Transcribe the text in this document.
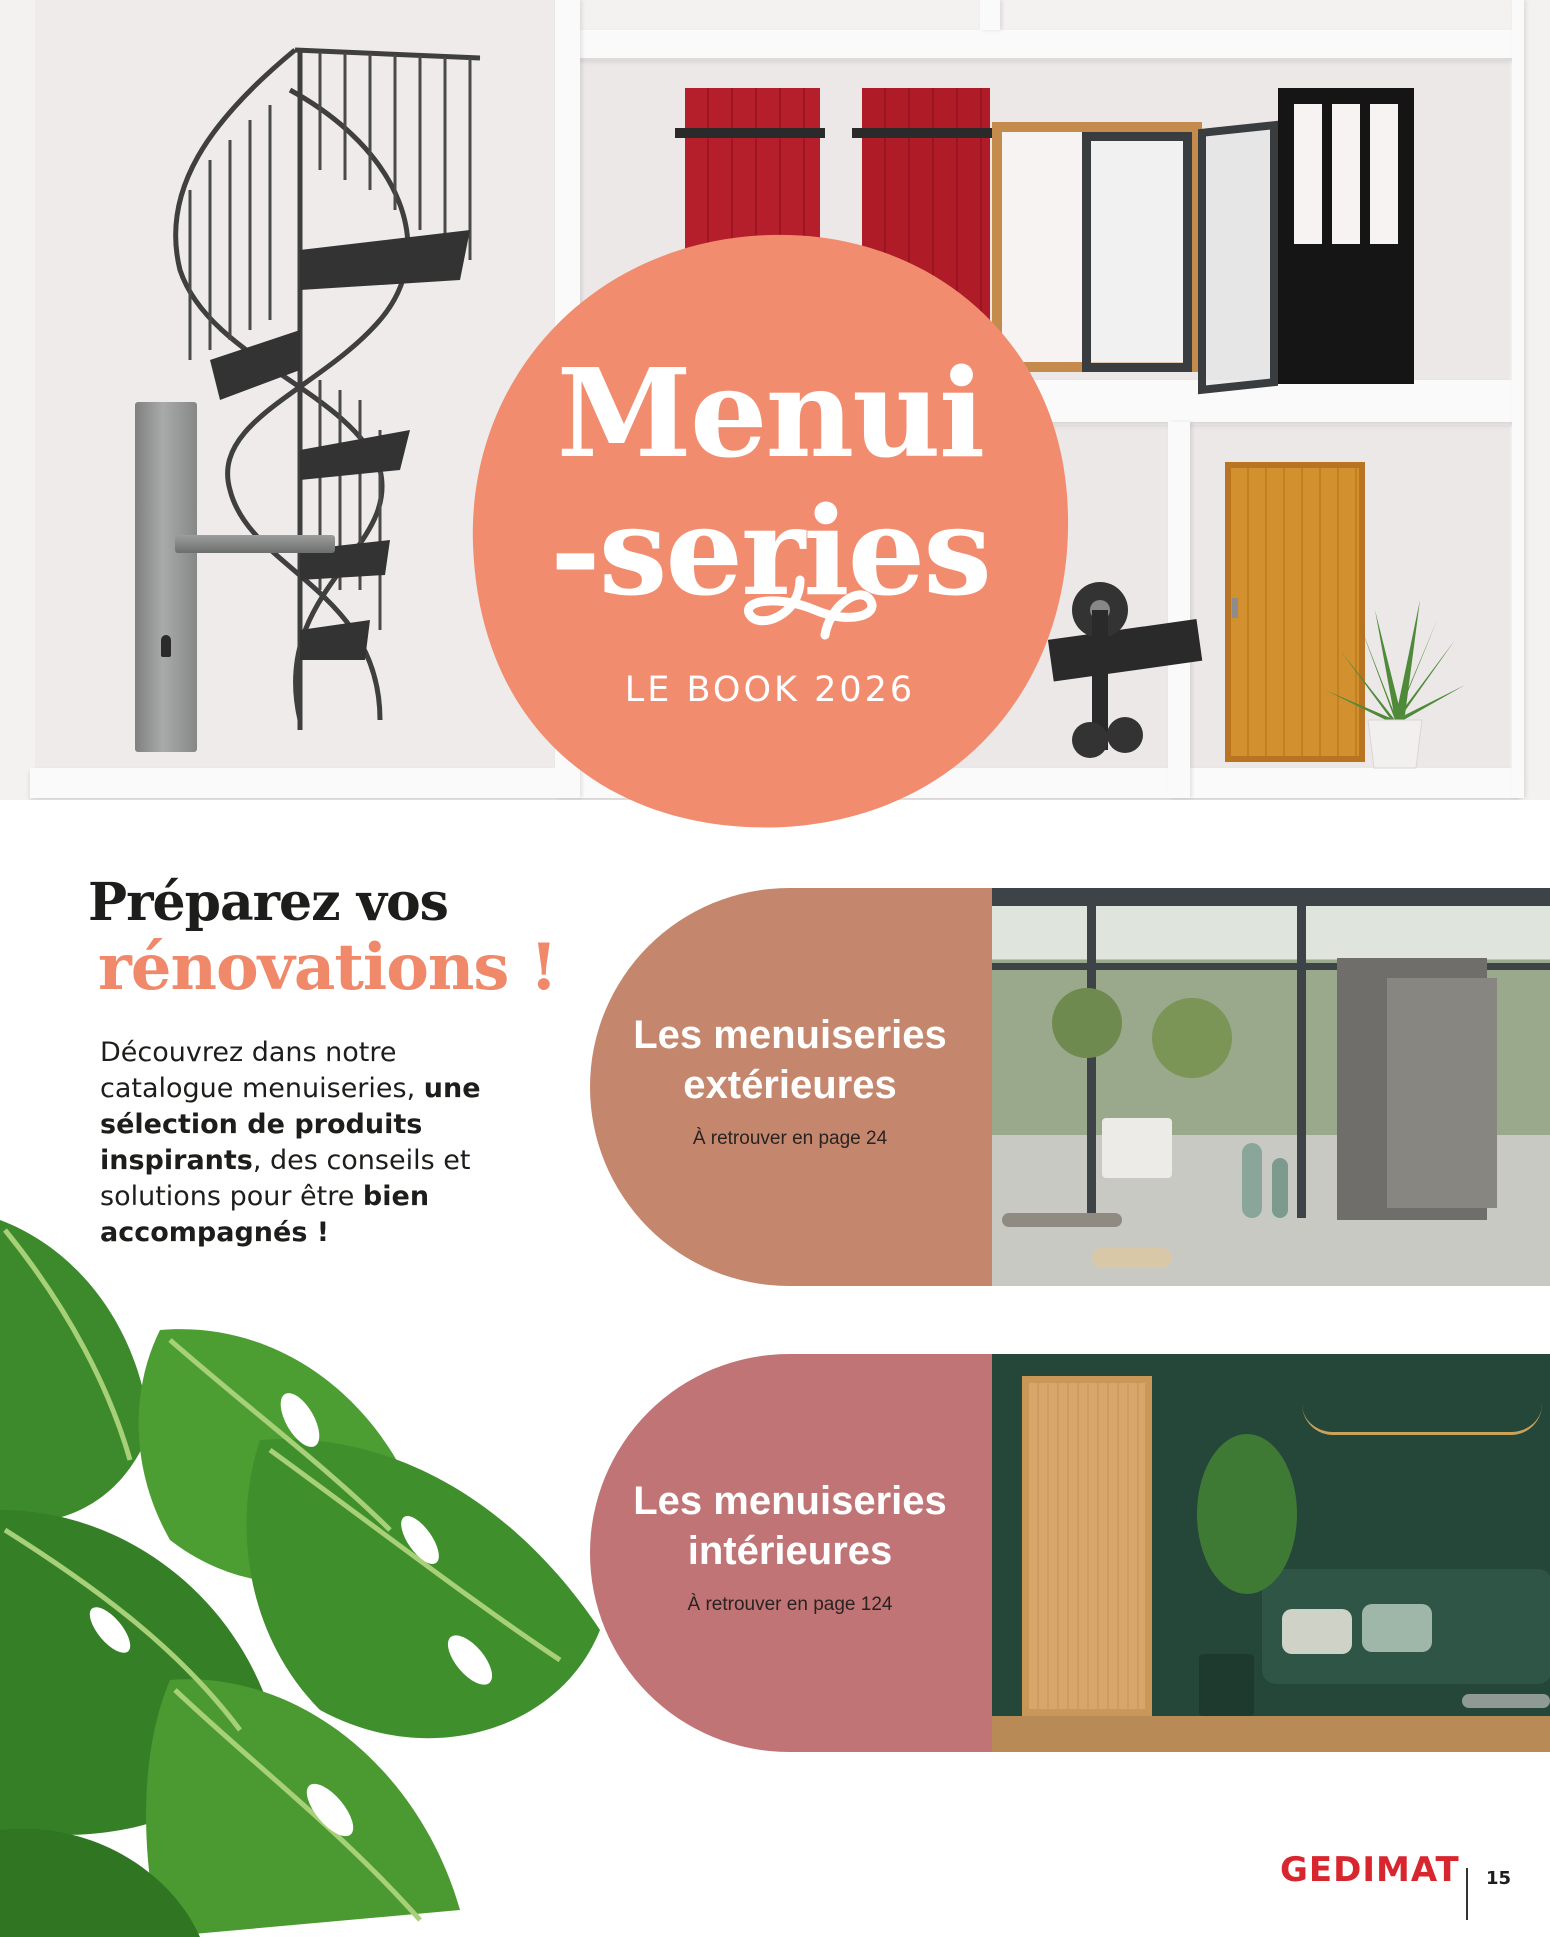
Menui
-series
LE BOOK 2026
Préparez vos
rénovations !
Découvrez dans notre catalogue menuiseries, une sélection de produits inspirants, des conseils et solutions pour être bien accompagnés !
Les menuiseries
extérieures
À retrouver en page 24
Les menuiseries
intérieures
À retrouver en page 124
GEDIMAT 15
